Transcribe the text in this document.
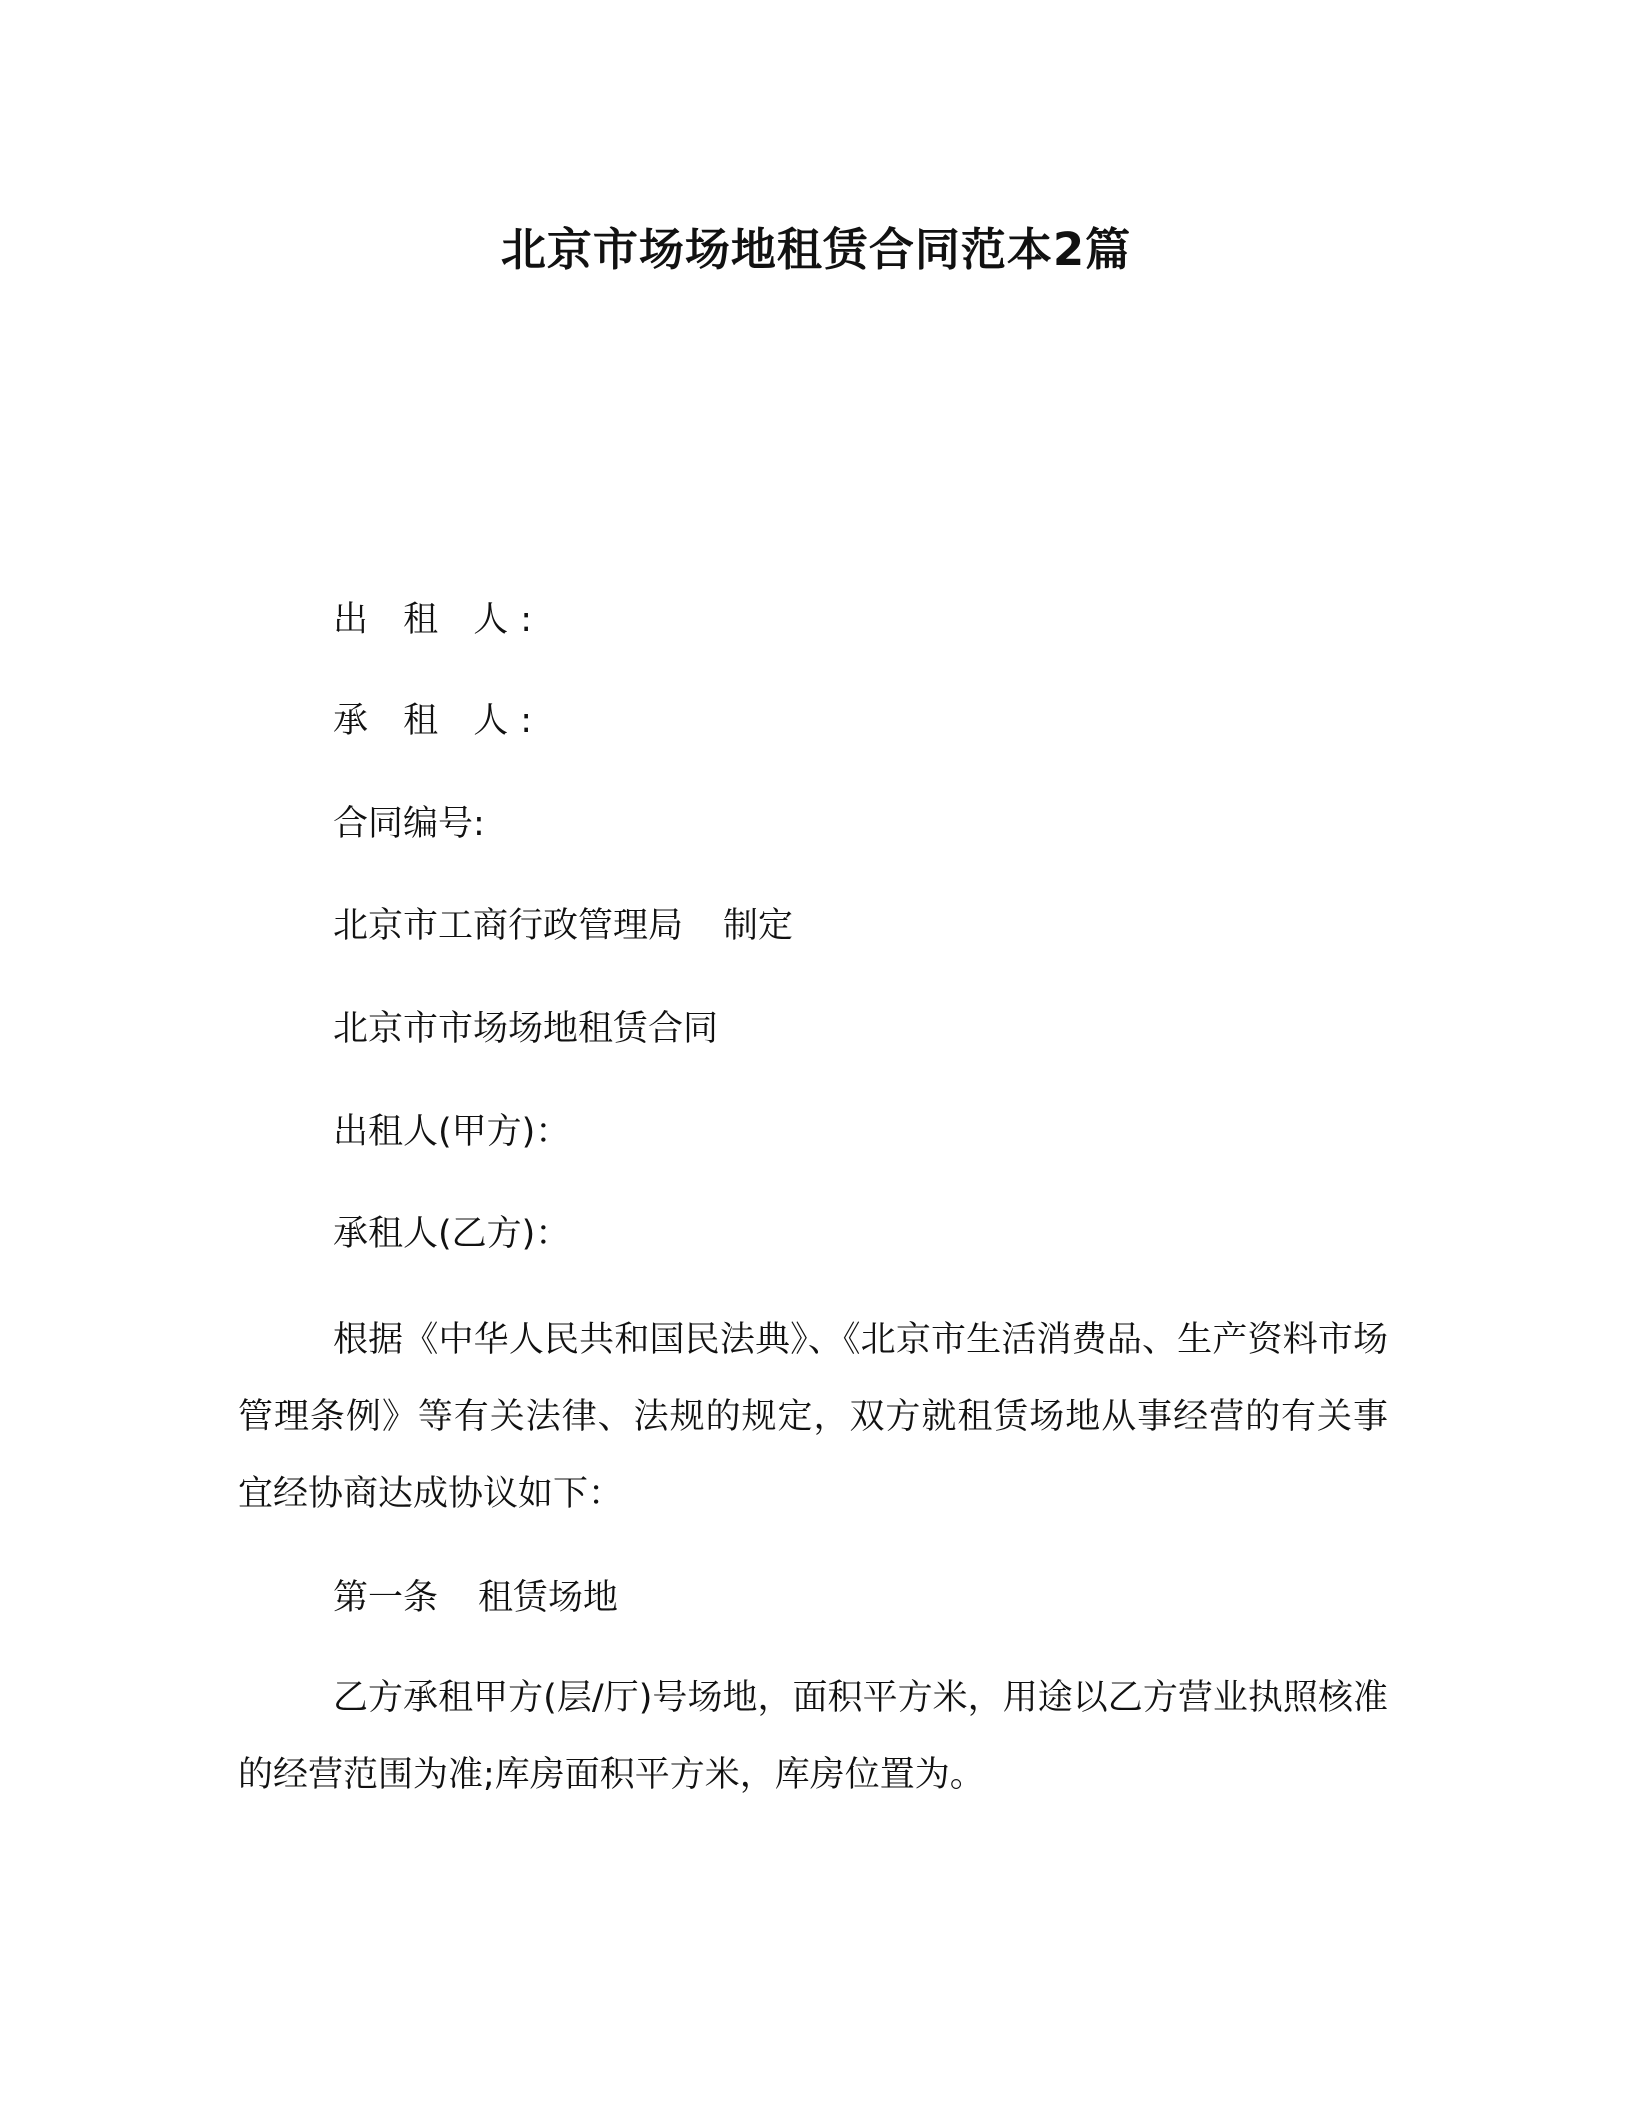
北京市场场地租赁合同范本2篇
出 租 人:
承 租 人:
合同编号:
北京市工商行政管理局 制定
北京市市场场地租赁合同
出租人(甲方)：
承租人(乙方)：
根据《中华人民共和国民法典》、《北京市生活消费品、生产资料市场管理条例》等有关法律、法规的规定，双方就租赁场地从事经营的有关事宜经协商达成协议如下：
第一条 租赁场地
乙方承租甲方(层/厅)号场地，面积平方米，用途以乙方营业执照核准的经营范围为准;库房面积平方米，库房位置为。
